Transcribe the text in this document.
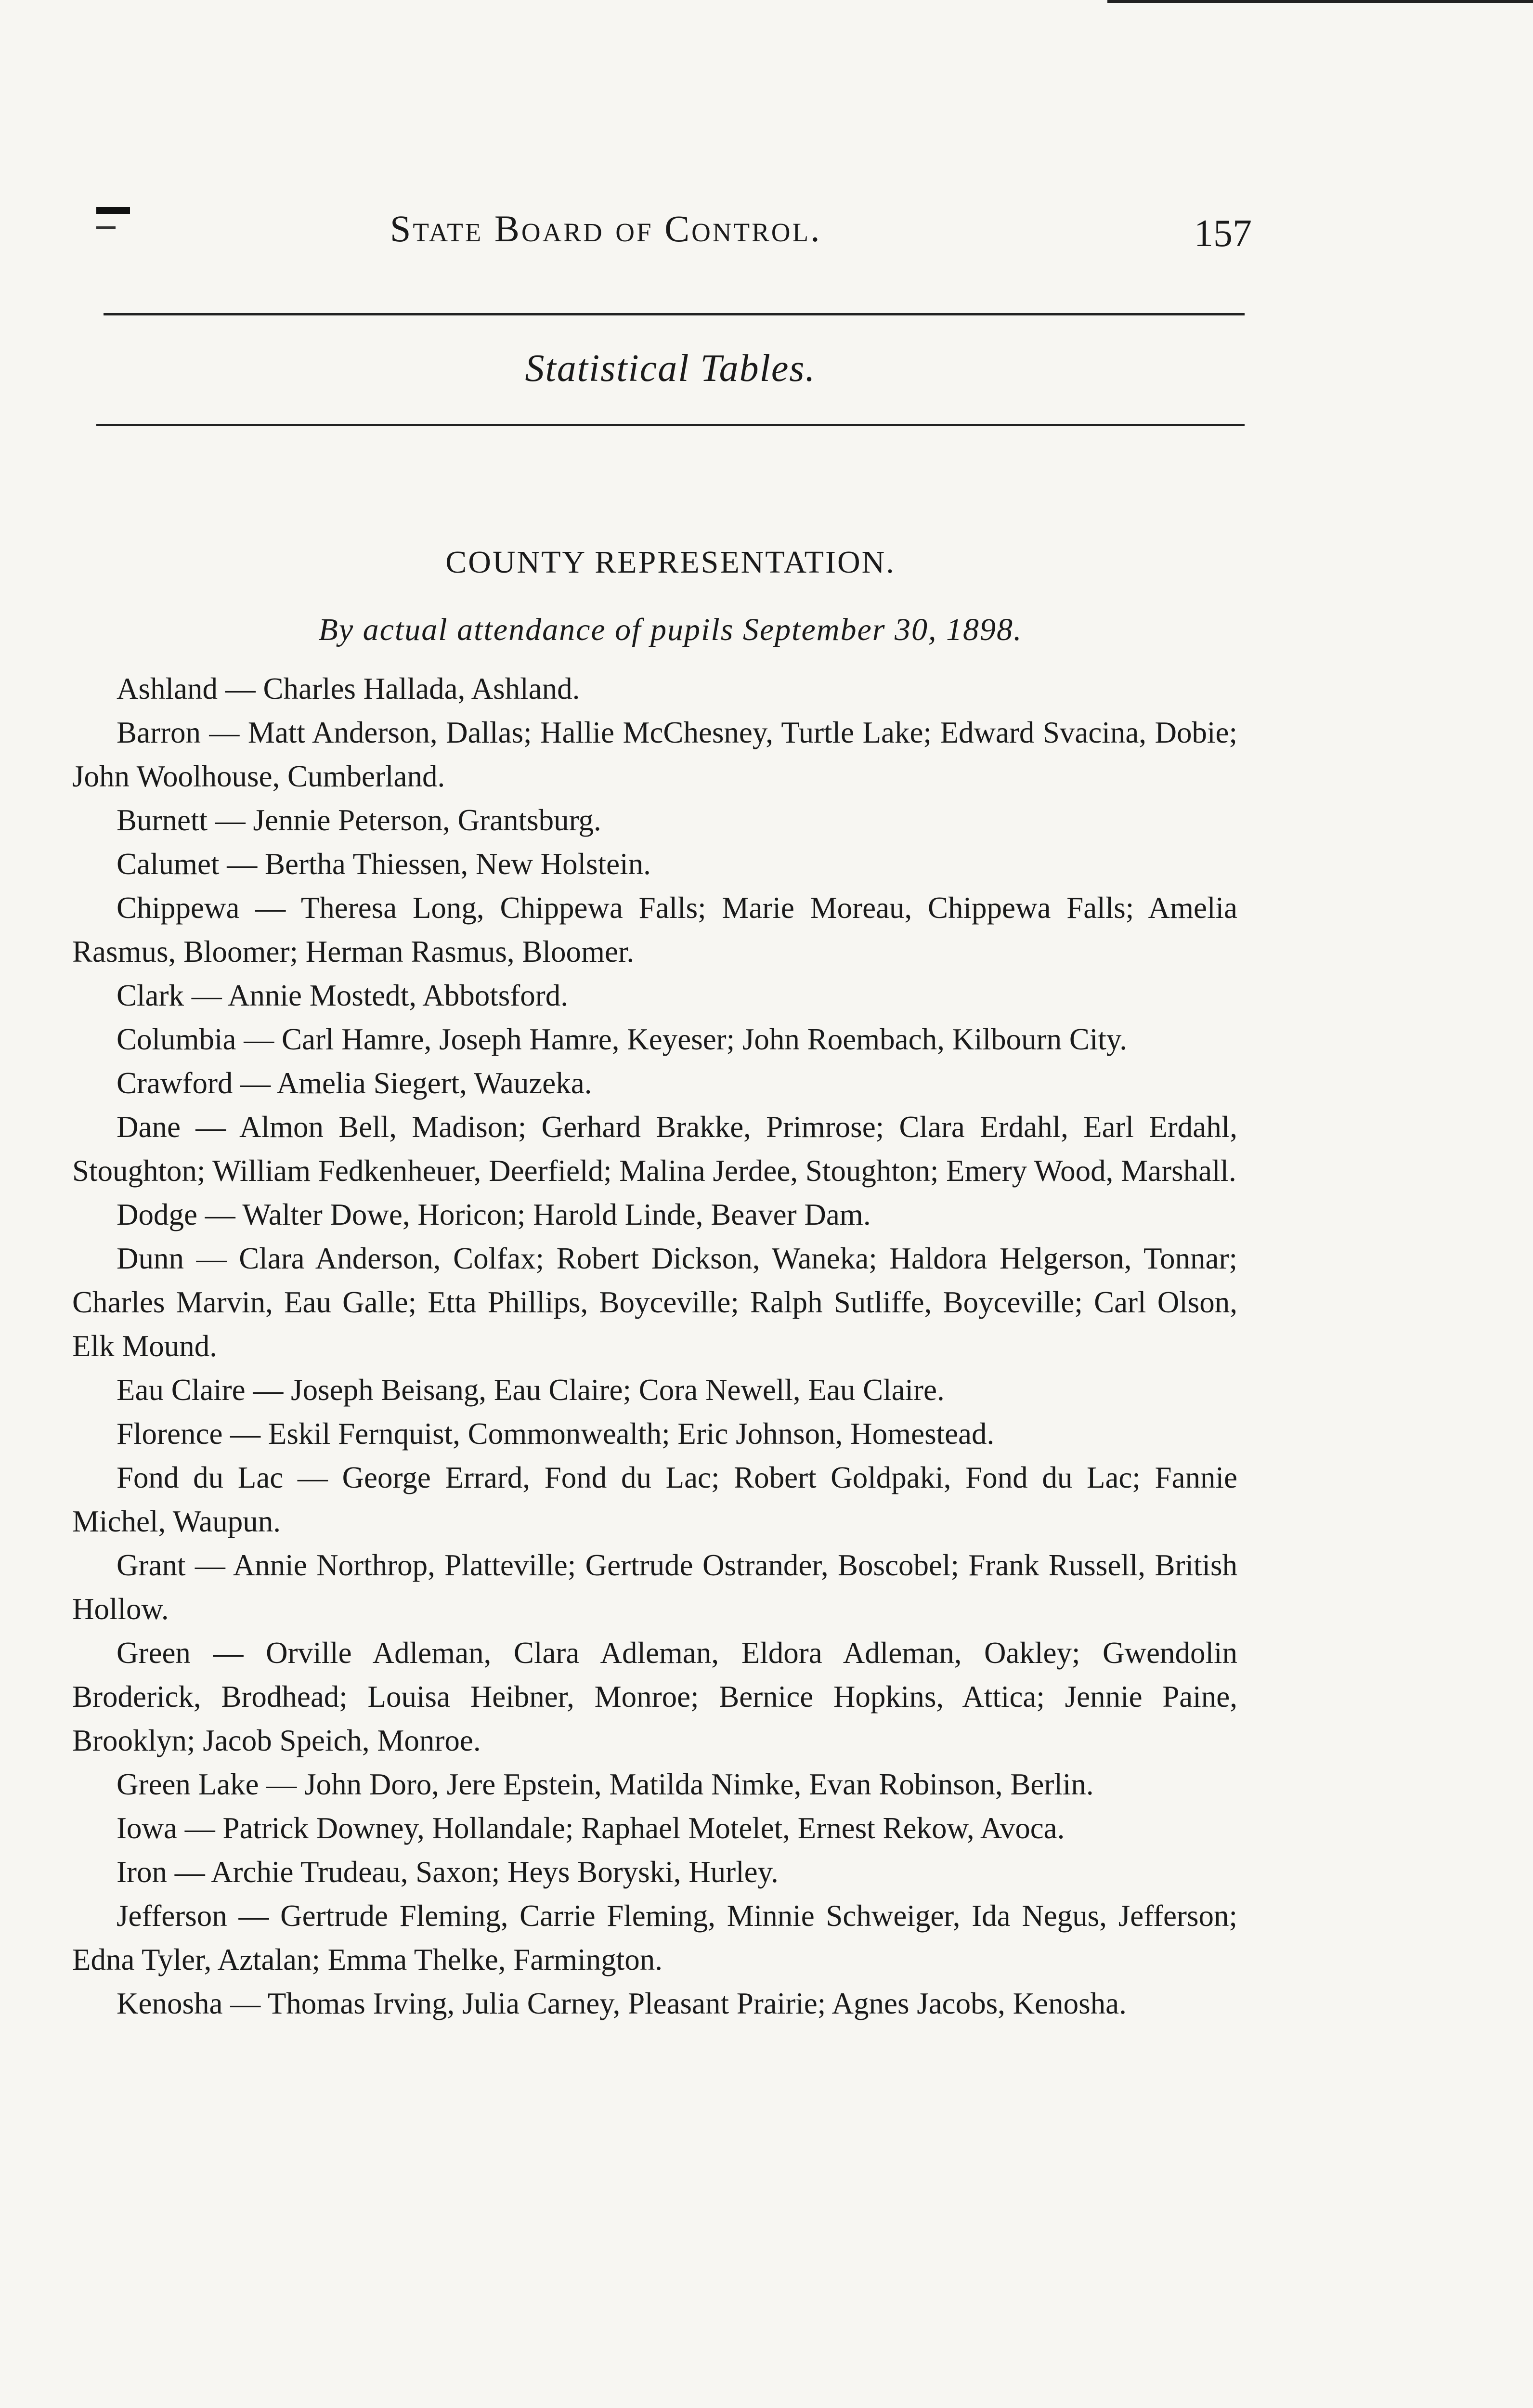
State Board of Control.	157
Statistical Tables.
COUNTY REPRESENTATION.
By actual attendance of pupils September 30, 1898.

Ashland — Charles Hallada, Ashland.

Barron — Matt Anderson, Dallas; Hallie McChesney, Turtle Lake; Edward Svacina, Dobie; John Woolhouse, Cumberland.

Burnett — Jennie Peterson, Grantsburg.

Calumet — Bertha Thiessen, New Holstein.

Chippewa — Theresa Long, Chippewa Falls; Marie Moreau, Chippewa Falls; Amelia Rasmus, Bloomer; Herman Rasmus, Bloomer.

Clark — Annie Mostedt, Abbotsford.

Columbia — Carl Hamre, Joseph Hamre, Keyeser; John Roembach, Kilbourn City.

Crawford — Amelia Siegert, Wauzeka.

Dane — Almon Bell, Madison; Gerhard Brakke, Primrose; Clara Erdahl, Earl Erdahl, Stoughton; William Fedkenheuer, Deerfield; Malina Jerdee, Stoughton; Emery Wood, Marshall.

Dodge — Walter Dowe, Horicon; Harold Linde, Beaver Dam.

Dunn — Clara Anderson, Colfax; Robert Dickson, Waneka; Haldora Helgerson, Tonnar; Charles Marvin, Eau Galle; Etta Phillips, Boyceville; Ralph Sutliffe, Boyceville; Carl Olson, Elk Mound.

Eau Claire — Joseph Beisang, Eau Claire; Cora Newell, Eau Claire.

Florence — Eskil Fernquist, Commonwealth; Eric Johnson, Homestead.

Fond du Lac — George Errard, Fond du Lac; Robert Goldpaki, Fond du Lac; Fannie Michel, Waupun.

Grant — Annie Northrop, Platteville; Gertrude Ostrander, Boscobel; Frank Russell, British Hollow.

Green — Orville Adleman, Clara Adleman, Eldora Adleman, Oakley; Gwendolin Broderick, Brodhead; Louisa Heibner, Monroe; Bernice Hopkins, Attica; Jennie Paine, Brooklyn; Jacob Speich, Monroe.

Green Lake — John Doro, Jere Epstein, Matilda Nimke, Evan Robinson, Berlin.

Iowa — Patrick Downey, Hollandale; Raphael Motelet, Ernest Rekow, Avoca.

Iron — Archie Trudeau, Saxon; Heys Boryski, Hurley.

Jefferson — Gertrude Fleming, Carrie Fleming, Minnie Schweiger, Ida Negus, Jefferson; Edna Tyler, Aztalan; Emma Thelke, Farmington.

Kenosha — Thomas Irving, Julia Carney, Pleasant Prairie; Agnes Jacobs, Kenosha.
